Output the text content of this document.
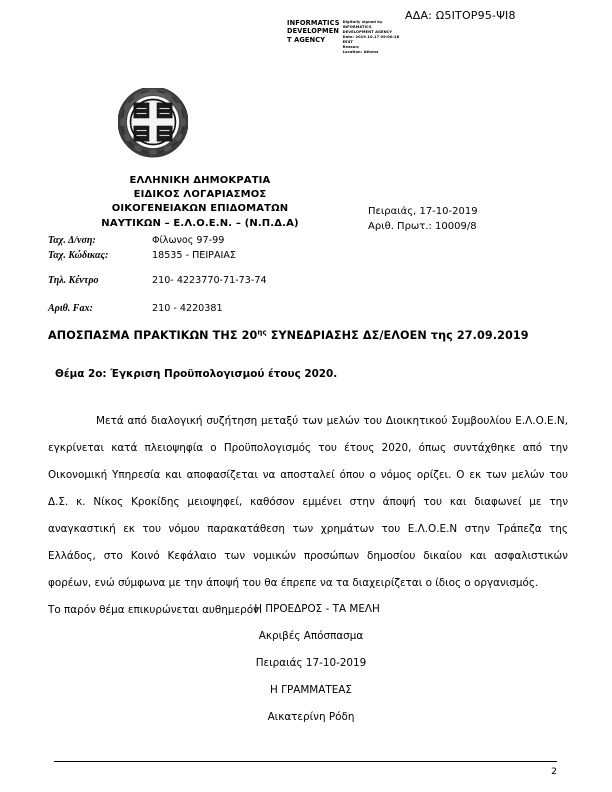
INFORMATICS
DEVELOPMEN
T AGENCY
Digitally signed by
INFORMATICS
DEVELOPMENT AGENCY
Date: 2019.10.17 09:00:18
EEST
Reason:
Location: Athens
ΑΔΑ: Ω5ΙΤΟΡ95-ΨΙ8
ΕΛΛΗΝΙΚΗ ΔΗΜΟΚΡΑΤΙΑ
ΕΙΔΙΚΟΣ ΛΟΓΑΡΙΑΣΜΟΣ
ΟΙΚΟΓΕΝΕΙΑΚΩΝ ΕΠΙΔΟΜΑΤΩΝ
ΝΑΥΤΙΚΩΝ – Ε.Λ.Ο.Ε.Ν. – (Ν.Π.Δ.Α)
Πειραιάς, 17-10-2019
Αριθ. Πρωτ.: 10009/8
Ταχ. Δ/νση:	Φίλωνος 97-99
Ταχ. Κώδικας:	18535 - ΠΕΙΡΑΙΑΣ
Τηλ. Κέντρο	210- 4223770-71-73-74
Αριθ. Fax:	210 - 4220381
ΑΠΟΣΠΑΣΜΑ ΠΡΑΚΤΙΚΩΝ ΤΗΣ $20^{\eta\varsigma}$ ΣΥΝΕΔΡΙΑΣΗΣ ΔΣ/ΕΛΟΕΝ της 27.09.2019
Θέμα 2ο: Έγκριση Προϋπολογισμού έτους 2020.

Μετά από διαλογική συζήτηση μεταξύ των μελών του Διοικητικού Συμβουλίου Ε.Λ.Ο.Ε.Ν, εγκρίνεται κατά πλειοψηφία ο Προϋπολογισμός του έτους 2020, όπως συντάχθηκε από την Οικονομική Υπηρεσία και αποφασίζεται να αποσταλεί όπου ο νόμος ορίζει. Ο εκ των μελών του Δ.Σ. κ. Νίκος Κροκίδης μειοψηφεί, καθόσον εμμένει στην άποψή του και διαφωνεί με την αναγκαστική εκ του νόμου παρακατάθεση των χρημάτων του Ε.Λ.Ο.Ε.Ν στην Τράπεζα της Ελλάδος, στο Κοινό Κεφάλαιο των νομικών προσώπων δημοσίου δικαίου και ασφαλιστικών φορέων, ενώ σύμφωνα με την άποψή του θα έπρεπε να τα διαχειρίζεται ο ίδιος ο οργανισμός.

Το παρόν θέμα επικυρώνεται αυθημερόν.

Η ΠΡΟΕΔΡΟΣ - ΤΑ ΜΕΛΗ
Ακριβές Απόσπασμα
Πειραιάς 17-10-2019
Η ΓΡΑΜΜΑΤΕΑΣ
Αικατερίνη Ρόδη
2
